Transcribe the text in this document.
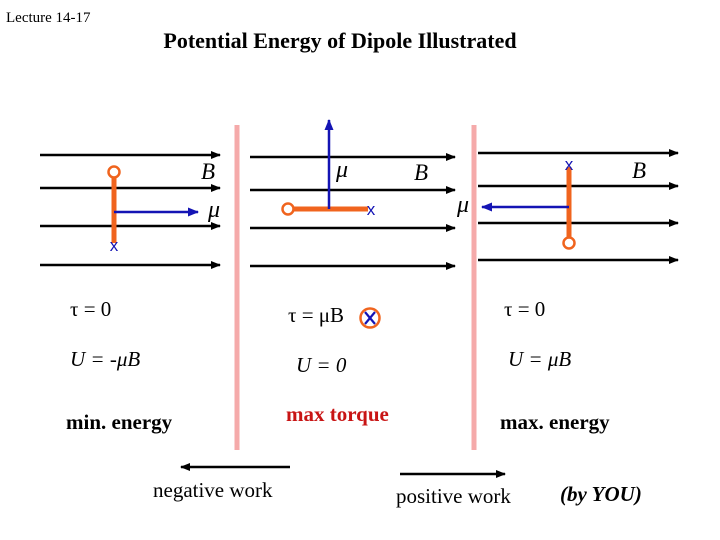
Lecture 14-17
Potential Energy of Dipole Illustrated
x
x
x
B
μ
μ	B	B
μ
τ = 0	τ = μB	τ = 0
U = -μB	U = 0	U = μB
min. energy	max torque	max. energy
negative work	positive work (by YOU)
